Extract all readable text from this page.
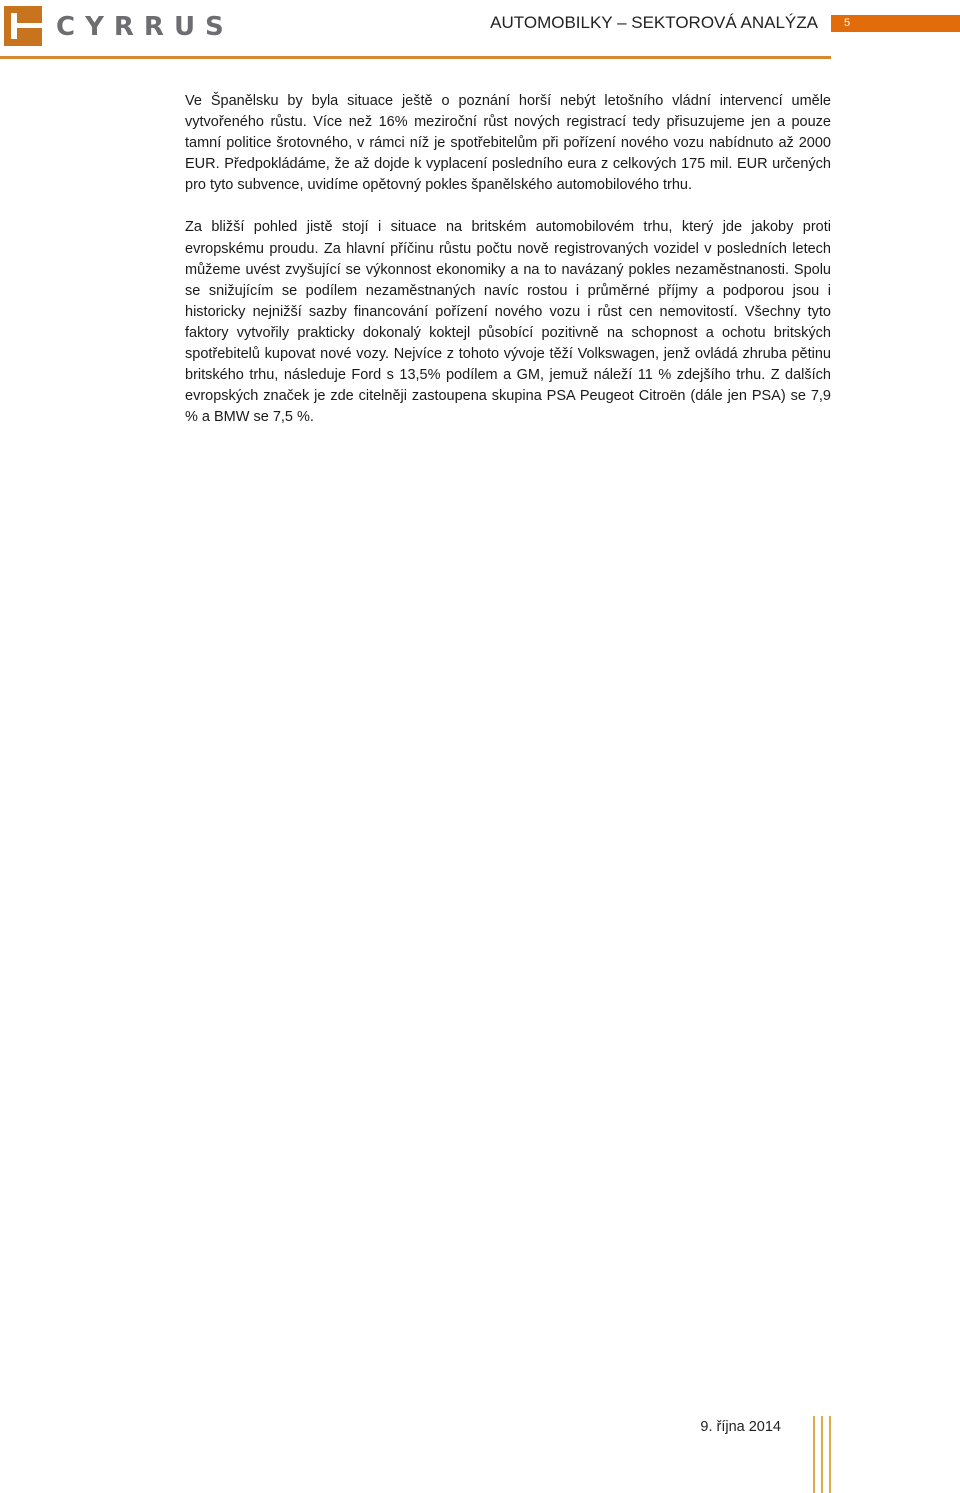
CYRRUS	AUTOMOBILKY – SEKTOROVÁ ANALÝZA	5

Ve Španělsku by byla situace ještě o poznání horší nebýt letošního vládní intervencí uměle vytvořeného růstu. Více než 16% meziroční růst nových registrací tedy přisuzujeme jen a pouze tamní politice šrotovného, v rámci níž je spotřebitelům při pořízení nového vozu nabídnuto až 2000 EUR. Předpokládáme, že až dojde k vyplacení posledního eura z celkových 175 mil. EUR určených pro tyto subvence, uvidíme opětovný pokles španělského automobilového trhu.

Za bližší pohled jistě stojí i situace na britském automobilovém trhu, který jde jakoby proti evropskému proudu. Za hlavní příčinu růstu počtu nově registrovaných vozidel v posledních letech můžeme uvést zvyšující se výkonnost ekonomiky a na to navázaný pokles nezaměstnanosti. Spolu se snižujícím se podílem nezaměstnaných navíc rostou i průměrné příjmy a podporou jsou i historicky nejnižší sazby financování pořízení nového vozu i růst cen nemovitostí. Všechny tyto faktory vytvořily prakticky dokonalý koktejl působící pozitivně na schopnost a ochotu britských spotřebitelů kupovat nové vozy. Nejvíce z tohoto vývoje těží Volkswagen, jenž ovládá zhruba pětinu britského trhu, následuje Ford s 13,5% podílem a GM, jemuž náleží 11 % zdejšího trhu. Z dalších evropských značek je zde citelněji zastoupena skupina PSA Peugeot Citroën (dále jen PSA) se 7,9 % a BMW se 7,5 %.

9. října 2014
